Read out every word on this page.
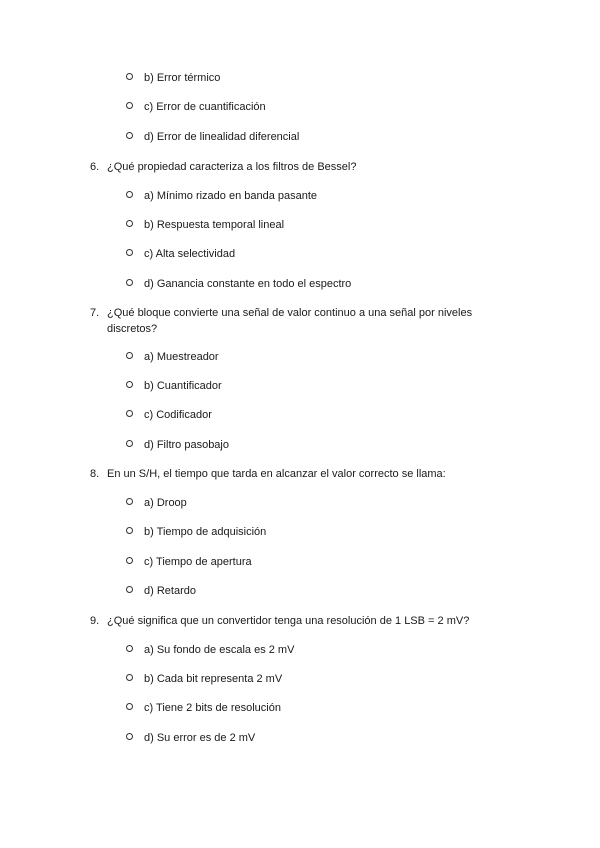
b) Error térmico
c) Error de cuantificación
d) Error de linealidad diferencial
6. ¿Qué propiedad caracteriza a los filtros de Bessel?
a) Mínimo rizado en banda pasante
b) Respuesta temporal lineal
c) Alta selectividad
d) Ganancia constante en todo el espectro
7. ¿Qué bloque convierte una señal de valor continuo a una señal por niveles discretos?
a) Muestreador
b) Cuantificador
c) Codificador
d) Filtro pasobajo
8. En un S/H, el tiempo que tarda en alcanzar el valor correcto se llama:
a) Droop
b) Tiempo de adquisición
c) Tiempo de apertura
d) Retardo
9. ¿Qué significa que un convertidor tenga una resolución de 1 LSB = 2 mV?
a) Su fondo de escala es 2 mV
b) Cada bit representa 2 mV
c) Tiene 2 bits de resolución
d) Su error es de 2 mV
